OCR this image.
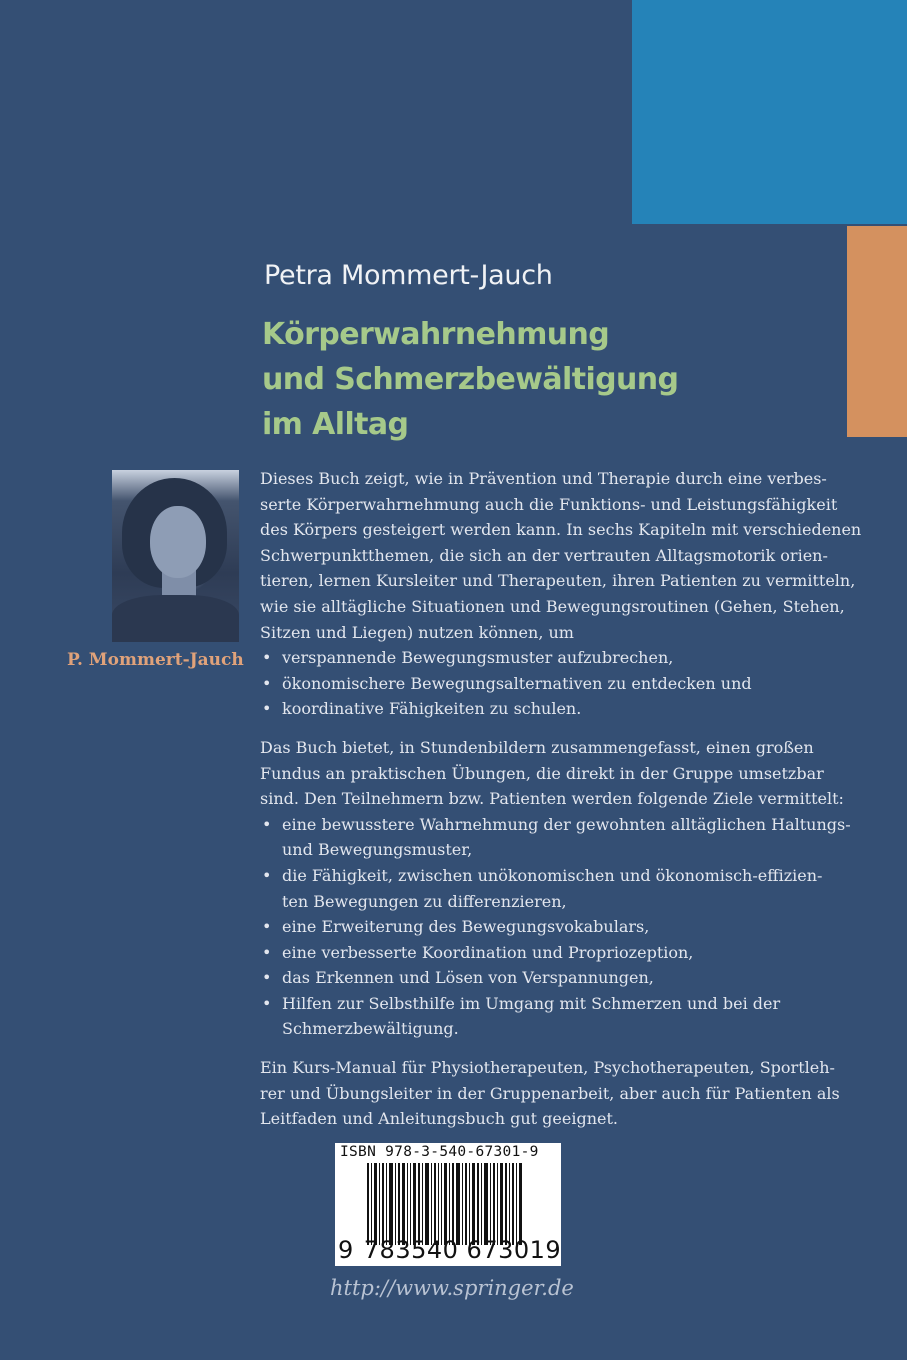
Petra Mommert-Jauch
Körperwahrnehmung
und Schmerzbewältigung
im Alltag
P. Mommert-Jauch

Dieses Buch zeigt, wie in Prävention und Therapie durch eine verbes-

serte Körperwahrnehmung auch die Funktions- und Leistungsfähigkeit

des Körpers gesteigert werden kann. In sechs Kapiteln mit verschiedenen

Schwerpunktthemen, die sich an der vertrauten Alltagsmotorik orien-

tieren, lernen Kursleiter und Therapeuten, ihren Patienten zu vermitteln,

wie sie alltägliche Situationen und Bewegungsroutinen (Gehen, Stehen,

Sitzen und Liegen) nutzen können, um

• verspannende Bewegungsmuster aufzubrechen,
• ökonomischere Bewegungsalternativen zu entdecken und
• koordinative Fähigkeiten zu schulen.

Das Buch bietet, in Stundenbildern zusammengefasst, einen großen

Fundus an praktischen Übungen, die direkt in der Gruppe umsetzbar

sind. Den Teilnehmern bzw. Patienten werden folgende Ziele vermittelt:

• eine bewusstere Wahrnehmung der gewohnten alltäglichen Haltungs-
und Bewegungsmuster,
• die Fähigkeit, zwischen unökonomischen und ökonomisch-effizien-
ten Bewegungen zu differenzieren,
• eine Erweiterung des Bewegungsvokabulars,
• eine verbesserte Koordination und Propriozeption,
• das Erkennen und Lösen von Verspannungen,
• Hilfen zur Selbsthilfe im Umgang mit Schmerzen und bei der
Schmerzbewältigung.

Ein Kurs-Manual für Physiotherapeuten, Psychotherapeuten, Sportleh-

rer und Übungsleiter in der Gruppenarbeit, aber auch für Patienten als

Leitfaden und Anleitungsbuch gut geeignet.

ISBN 978-3-540-67301-9
9 783540 673019
http://www.springer.de
